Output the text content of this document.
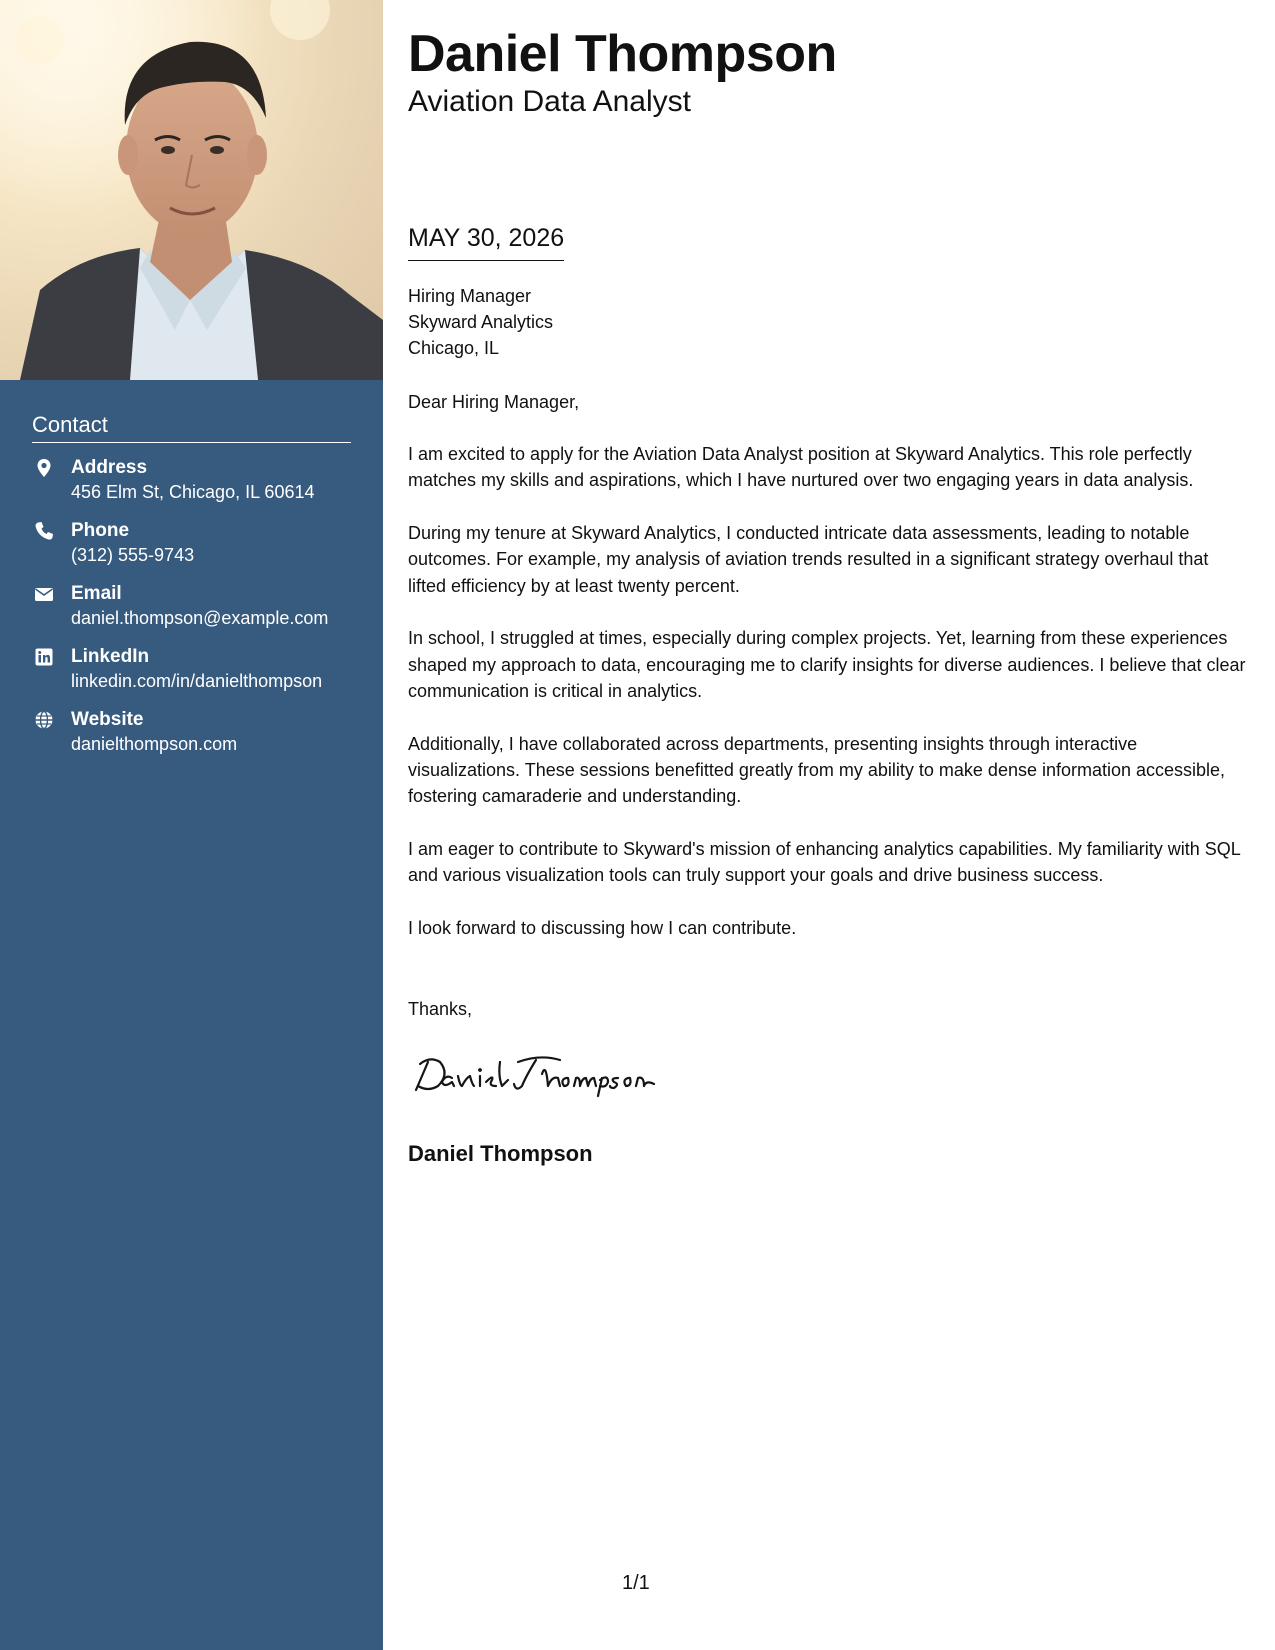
Contact
Address
456 Elm St, Chicago, IL 60614
Phone
(312) 555-9743
Email
daniel.thompson@example.com
LinkedIn
linkedin.com/in/danielthompson
Website
danielthompson.com
Daniel Thompson
Aviation Data Analyst
MAY 30, 2026
Hiring Manager
Skyward Analytics
Chicago, IL
Dear Hiring Manager,

I am excited to apply for the Aviation Data Analyst position at Skyward Analytics. This role perfectly matches my skills and aspirations, which I have nurtured over two engaging years in data analysis.

During my tenure at Skyward Analytics, I conducted intricate data assessments, leading to notable outcomes. For example, my analysis of aviation trends resulted in a significant strategy overhaul that lifted efficiency by at least twenty percent.

In school, I struggled at times, especially during complex projects. Yet, learning from these experiences shaped my approach to data, encouraging me to clarify insights for diverse audiences. I believe that clear communication is critical in analytics.

Additionally, I have collaborated across departments, presenting insights through interactive visualizations. These sessions benefitted greatly from my ability to make dense information accessible, fostering camaraderie and understanding.

I am eager to contribute to Skyward's mission of enhancing analytics capabilities. My familiarity with SQL and various visualization tools can truly support your goals and drive business success.

I look forward to discussing how I can contribute.

Thanks,
Daniel Thompson
1/1
